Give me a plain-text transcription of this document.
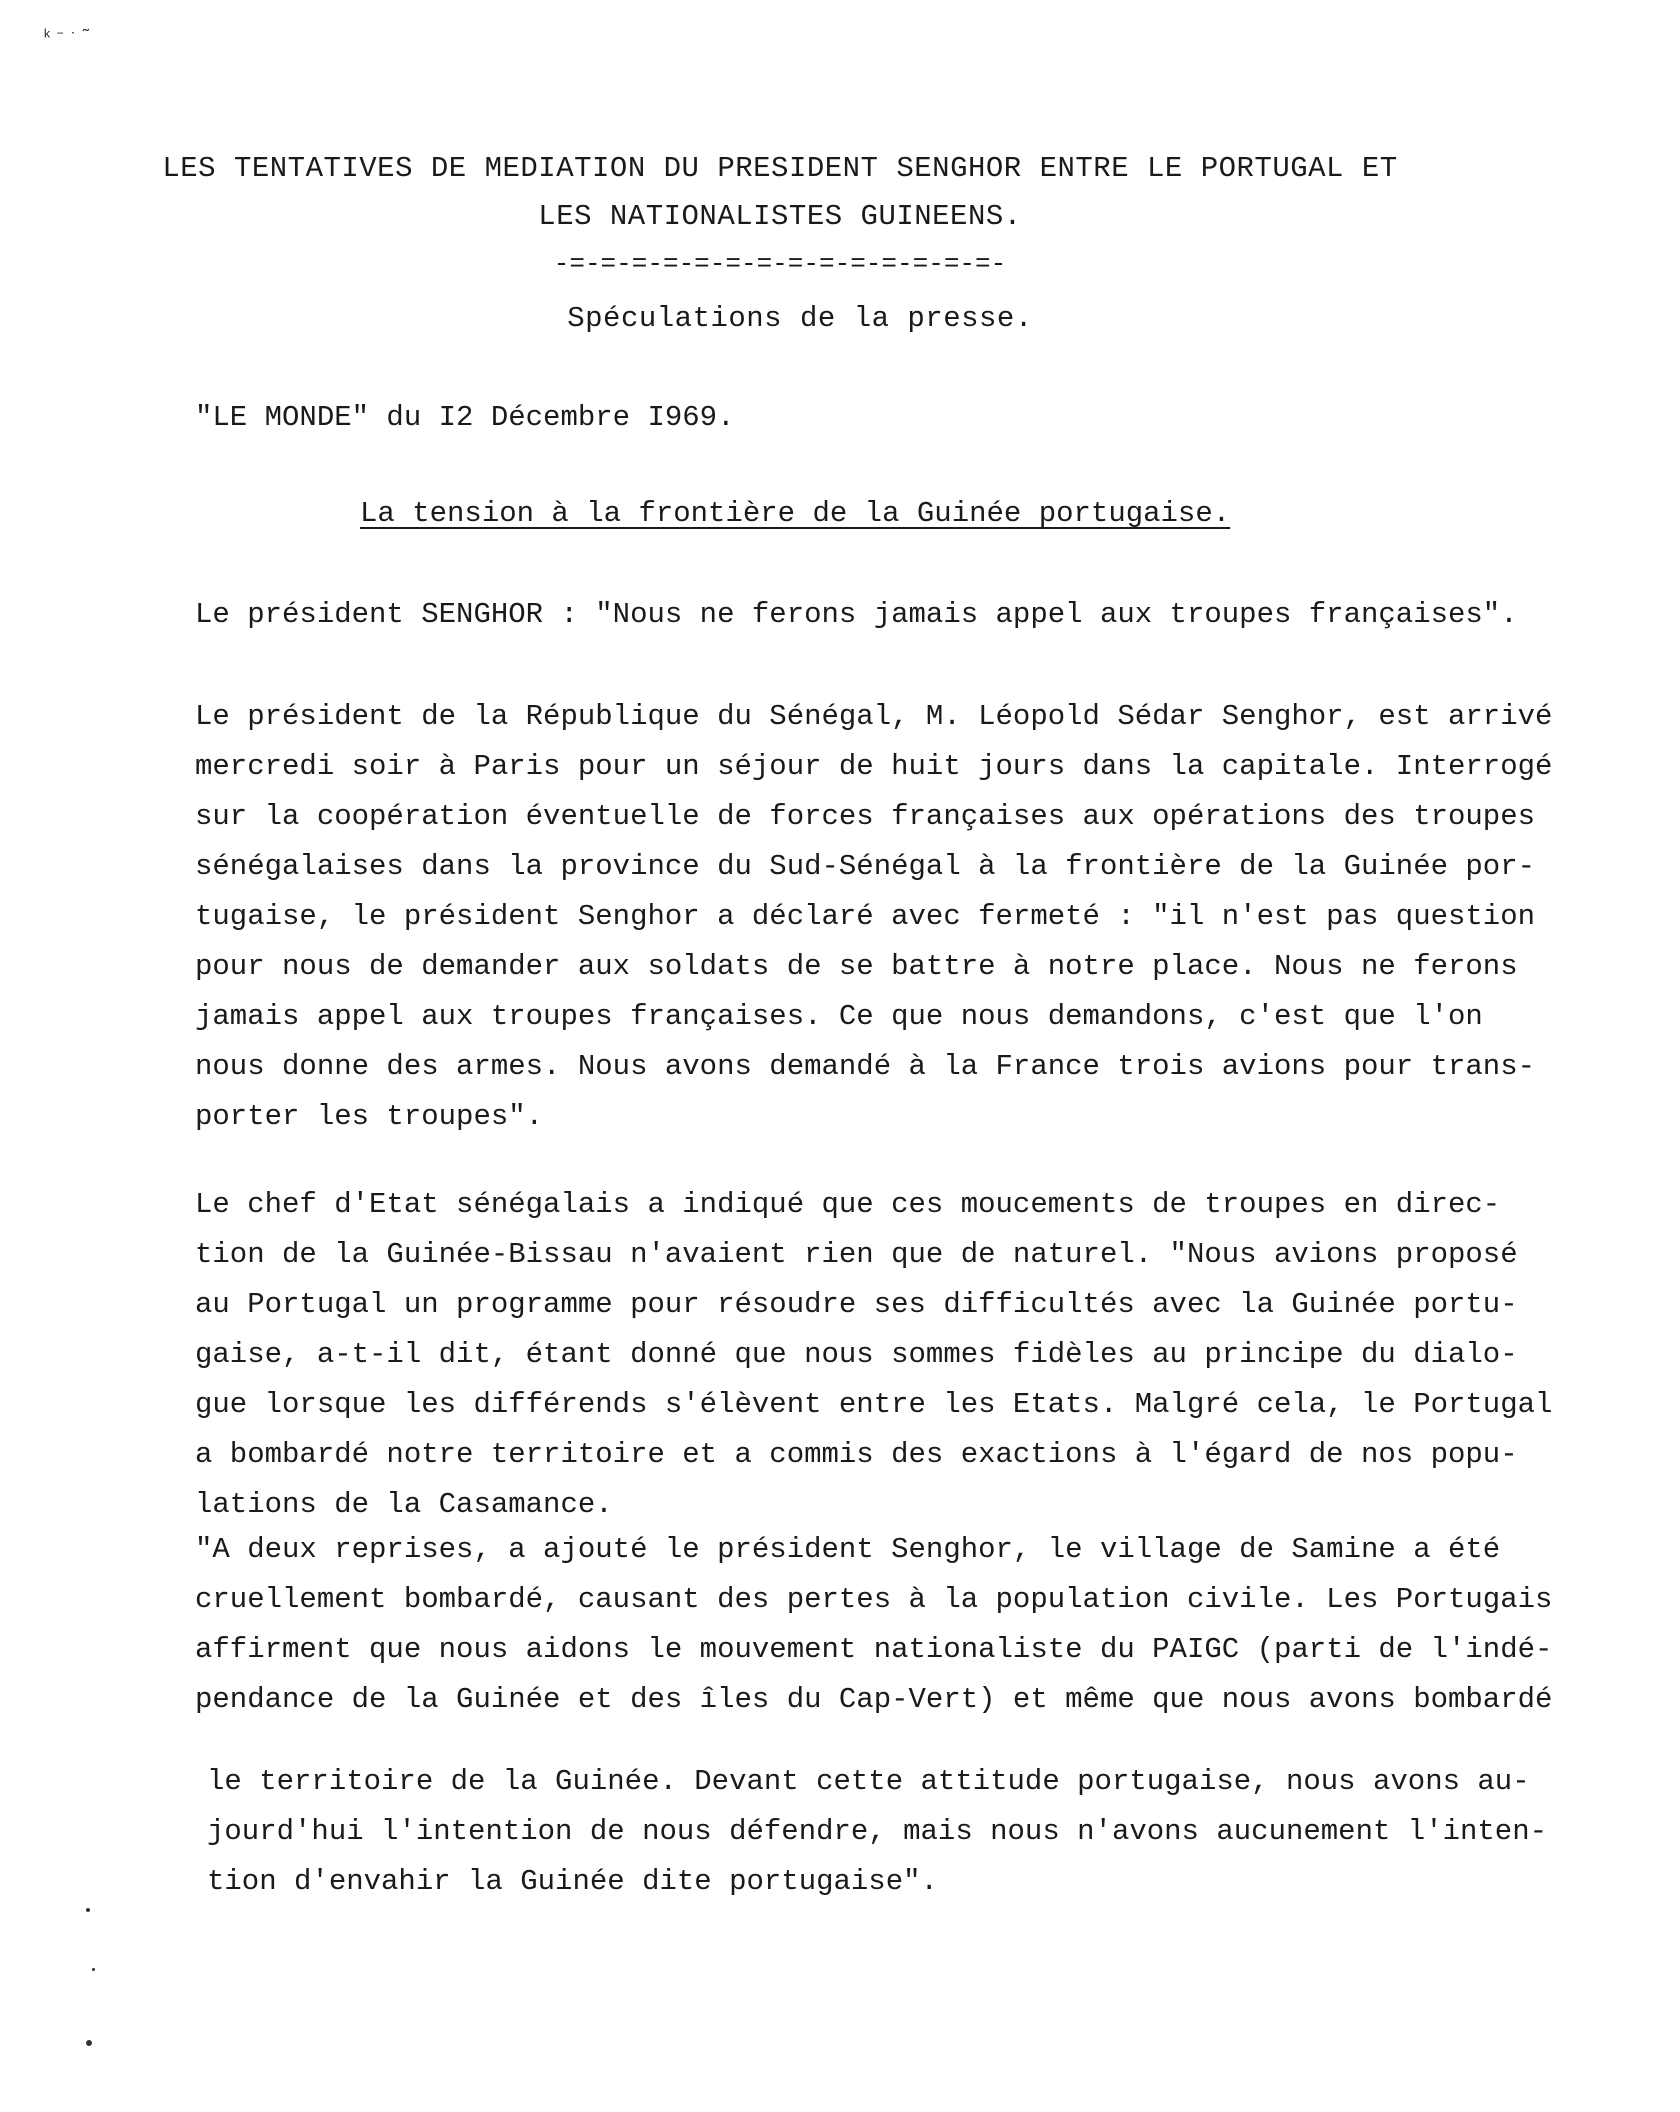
ᵏ⁻ˑ˜
LES TENTATIVES DE MEDIATION DU PRESIDENT SENGHOR ENTRE LE PORTUGAL ET
LES NATIONALISTES GUINEENS.
-=-=-=-=-=-=-=-=-=-=-=-=-=-=-
Spéculations de la presse.
"LE MONDE" du I2 Décembre I969.
La tension à la frontière de la Guinée portugaise.
Le président SENGHOR : "Nous ne ferons jamais appel aux troupes françaises".
Le président de la République du Sénégal, M. Léopold Sédar Senghor, est arrivé
mercredi soir à Paris pour un séjour de huit jours dans la capitale. Interrogé
sur la coopération éventuelle de forces françaises aux opérations des troupes
sénégalaises dans la province du Sud-Sénégal à la frontière de la Guinée por-
tugaise, le président Senghor a déclaré avec fermeté : "il n'est pas question
pour nous de demander aux soldats de se battre à notre place. Nous ne ferons
jamais appel aux troupes françaises. Ce que nous demandons, c'est que l'on
nous donne des armes. Nous avons demandé à la France trois avions pour trans-
porter les troupes".
Le chef d'Etat sénégalais a indiqué que ces moucements de troupes en direc-
tion de la Guinée-Bissau n'avaient rien que de naturel. "Nous avions proposé
au Portugal un programme pour résoudre ses difficultés avec la Guinée portu-
gaise, a-t-il dit, étant donné que nous sommes fidèles au principe du dialo-
gue lorsque les différends s'élèvent entre les Etats. Malgré cela, le Portugal
a bombardé notre territoire et a commis des exactions à l'égard de nos popu-
lations de la Casamance.
"A deux reprises, a ajouté le président Senghor, le village de Samine a été
cruellement bombardé, causant des pertes à la population civile. Les Portugais
affirment que nous aidons le mouvement nationaliste du PAIGC (parti de l'indé-
pendance de la Guinée et des îles du Cap-Vert) et même que nous avons bombardé
le territoire de la Guinée. Devant cette attitude portugaise, nous avons au-
jourd'hui l'intention de nous défendre, mais nous n'avons aucunement l'inten-
tion d'envahir la Guinée dite portugaise".
